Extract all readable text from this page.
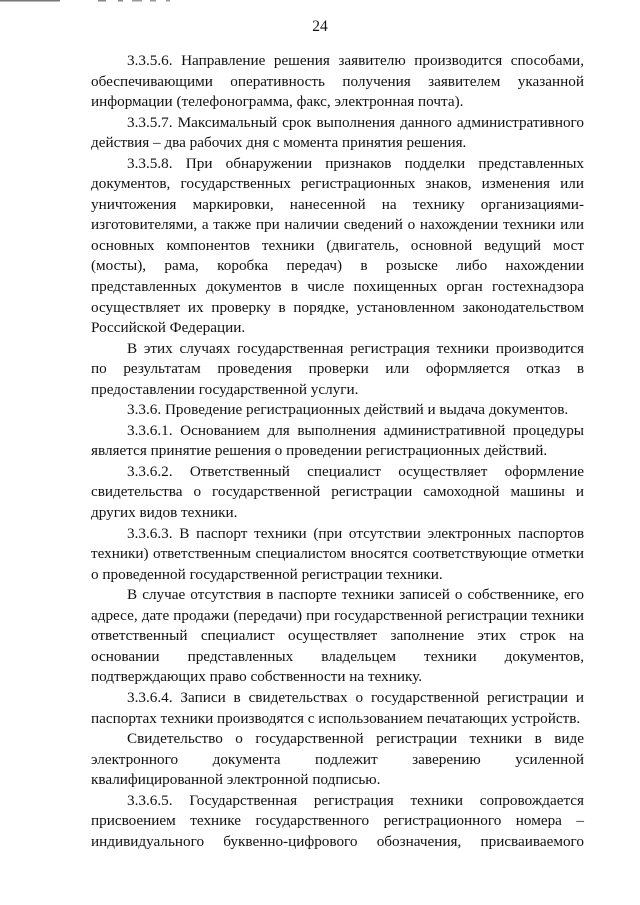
24

3.3.5.6. Направление решения заявителю производится способами, обеспечивающими оперативность получения заявителем указанной информации (телефонограмма, факс, электронная почта).

3.3.5.7. Максимальный срок выполнения данного административного действия – два рабочих дня с момента принятия решения.

3.3.5.8. При обнаружении признаков подделки представленных документов, государственных регистрационных знаков, изменения или уничтожения маркировки, нанесенной на технику организациями-изготовителями, а также при наличии сведений о нахождении техники или основных компонентов техники (двигатель, основной ведущий мост (мосты), рама, коробка передач) в розыске либо нахождении представленных документов в числе похищенных орган гостехнадзора осуществляет их проверку в порядке, установленном законодательством Российской Федерации.

В этих случаях государственная регистрация техники производится по результатам проведения проверки или оформляется отказ в предоставлении государственной услуги.

3.3.6. Проведение регистрационных действий и выдача документов.

3.3.6.1. Основанием для выполнения административной процедуры является принятие решения о проведении регистрационных действий.

3.3.6.2. Ответственный специалист осуществляет оформление свидетельства о государственной регистрации самоходной машины и других видов техники.

3.3.6.3. В паспорт техники (при отсутствии электронных паспортов техники) ответственным специалистом вносятся соответствующие отметки о проведенной государственной регистрации техники.

В случае отсутствия в паспорте техники записей о собственнике, его адресе, дате продажи (передачи) при государственной регистрации техники ответственный специалист осуществляет заполнение этих строк на основании представленных владельцем техники документов, подтверждающих право собственности на технику.

3.3.6.4. Записи в свидетельствах о государственной регистрации и паспортах техники производятся с использованием печатающих устройств.

Свидетельство о государственной регистрации техники в виде электронного документа подлежит заверению усиленной квалифицированной электронной подписью.

3.3.6.5. Государственная регистрация техники сопровождается присвоением технике государственного регистрационного номера – индивидуального буквенно-цифрового обозначения, присваиваемого
